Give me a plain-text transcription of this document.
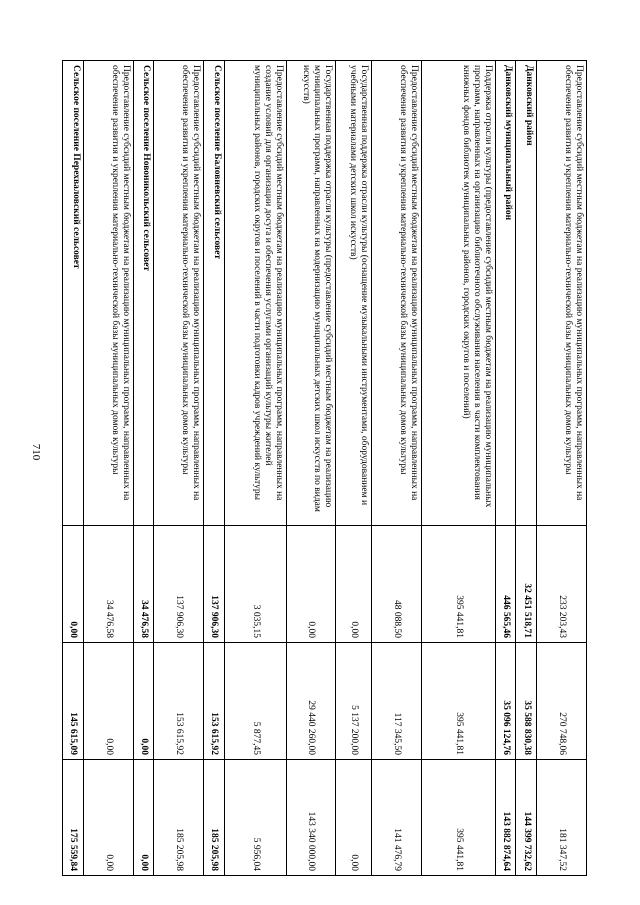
710	Предоставление субсидий местным бюджетам на реализацию муниципальных программ, направленных на обеспечение развития и укрепления материально-технической базы муниципальных домов культуры	233 203,43	270 748,06	181 347,52
Данковский район	32 451 518,71	35 588 830,38	144 399 732,62
Данковский муниципальный район	446 565,46	35 096 124,76	143 882 874,64
Поддержка отрасли культуры (предоставление субсидий местным бюджетам на реализацию муниципальных программ, направленных на организацию библиотечного обслуживания населения в части комплектования книжных фондов библиотек муниципальных районов, городских округов и поселений)	395 441,81	395 441,81	395 441,81
Предоставление субсидий местным бюджетам на реализацию муниципальных программ, направленных на обеспечение развития и укрепления материально-технической базы муниципальных домов культуры	48 088,50	117 345,50	141 476,79
Государственная поддержка отрасли культуры (оснащение музыкальными инструментами, оборудованием и учебными материалами детских школ искусств)	0,00	5 137 200,00	0,00
Государственная поддержка отрасли культуры (предоставление субсидий местным бюджетам на реализацию муниципальных программ, направленных на модернизацию муниципальных детских школ искусств по видам искусств)	0,00	29 440 260,00	143 340 000,00
Предоставление субсидий местным бюджетам на реализацию муниципальных программ, направленных на создание условий для организации досуга и обеспечения услугами организаций культуры жителей муниципальных районов, городских округов и поселений в части подготовки кадров учреждений культуры	3 035,15	5 877,45	5 956,04
Сельское поселение Баловневский сельсовет	137 906,30	153 615,92	185 205,98
Предоставление субсидий местным бюджетам на реализацию муниципальных программ, направленных на обеспечение развития и укрепления материально-технической базы муниципальных домов культуры	137 906,30	153 615,92	185 205,98
Сельское поселение Новоникольский сельсовет	34 476,58	0,00	0,00
Предоставление субсидий местным бюджетам на реализацию муниципальных программ, направленных на обеспечение развития и укрепления материально-технической базы муниципальных домов культуры	34 476,58	0,00	0,00
Сельское поселение Перехваловский сельсовет	0,00	145 615,09	175 559,84
